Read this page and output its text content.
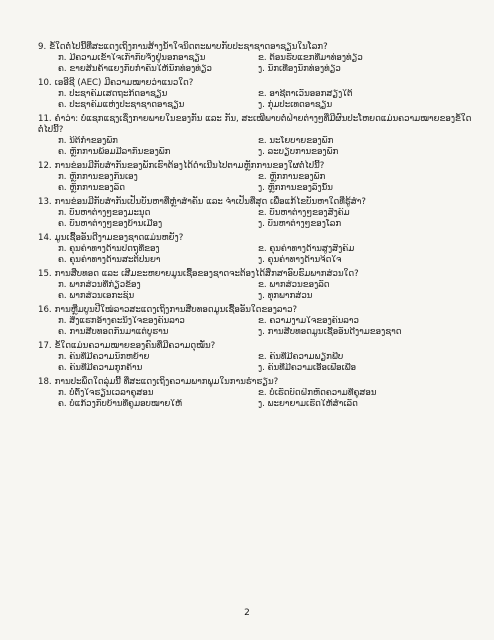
9. ຂໍ້ໃດຕໍ່ໄປນີ້ທີ່ສະແດງເຖິງການສ້າງນໍ້າໃຈນິດຕະພາບກັບປະຊາຊາດອາຊຽນໃນໂລກ?
ກ. ມີຄວາມເຂົ້າໃຈເກົ່າກັບຈຶ່ງຢູ່ນອກອາຊຽນ	ຂ. ຕ້ອນຮັບແຂກທີ່ມາທ່ອງທ່ຽວ
ຄ. ຂາຍສິນຄ້າແຍງກັບກຳຄັນໃຫ້ນັກທ່ອງທ່ຽວ	ງ. ນັກເທື່ອງນັກທ່ອງທ່ຽວ
10. ເອອີຊີ (AEC) ມີຄວາມໝາຍວ່າແນວໃດ?
ກ. ປະຊາຄົມເສດຖະກິດອາຊຽນ	ຂ. ອາຊີຕາເວັນອອກສຽງໃຕ້
ຄ. ປະຊາຄົມແຫ່ງປະຊາຊາດອາຊຽນ	ງ. ກຸ່ມປະເທດອາຊຽນ
11. ຄຳວ່າ: ບໍ່ແຊກແຊງເຊິ່ງກາຍພາຍໃນຂອງກັນ ແລະ ກັນ, ສະເໝີພາບຕໍ່ຝ່າຍຕ່າງໆທີ່ມີຜົນປະໂຫຍດແມ່ນຄວາມໝາຍຂອງຂໍ້ໃດຕໍ່ໄປນີ້?
ກ. ນິຕິກຳຂອງພັກ	ຂ. ນະໂຍບາຍຂອງພັກ
ຄ. ຫຼັກການພ້ອມມືລາກັນຂອງພັກ	ງ. ລະບຽບການຂອງພັກ
12. ການຂ່ອນມີກັບສຳກັນຂອງພັກເຮົາຕ້ອງໄດ້ດຳເນີນໄປຕາມຫຼັກການຂອງໃຜຕໍ່ໄປນີ້?
ກ. ຫຼັກການຂອງກັນເອງ	ຂ. ຫຼັກການຂອງພັກ
ຄ. ຫຼັກການຂອງລັດ	ງ. ຫຼັກການຂອງລັງນັ້ນ
13. ການຂ່ອນມີກັບສຳກັນເປັນບັນຫາທີ່ຫຼຳສຳຄັນ ແລະ ຈຳເປັນທີ່ສຸດ ເພື່ອແກ້ໄຂບັນຫາໃດທີ່ຮູ້ສໍາ?
ກ. ບັນຫາຕ່າງໆຂອງມະນຸດ	ຂ. ບັນຫາຕ່າງໆຂອງສັງຄົມ
ຄ. ບັນຫາຕ່າງໆຂອງບ້ານເມືອງ	ງ. ບັນຫາຕ່າງໆຂອງໂລກ
14. ມູນເຊື້ອອັນດີງາມຂອງຊາດແມ່ນຫຍັງ?
ກ. ຄຸນຄ່າທາງດ້ານປັດຖຸທີ່ຂອງ	ຂ. ຄຸນຄ່າທາງດ້ານສູງສັງຄົມ
ຄ. ຄຸນຄ່າທາງດ້ານສະຕິປັນຍາ	ງ. ຄຸນຄ່າທາງດ້ານຈິດໃຈ
15. ການສືບທອດ ແລະ ເສີມຂະຫຍາຍມູນເຊື້ອຂອງຊາດຈະຕ້ອງໄດ້ສຶກສາອົບຮົມພາກສ່ວນໃດ?
ກ. ພາກສ່ວນທີ່ກ່ຽວຂ້ອງ	ຂ. ພາກສ່ວນຂອງລັດ
ຄ. ພາກສ່ວນເອກະຊົນ	ງ. ທຸກພາກສ່ວນ
16. ການຫຼີ່ມບູນປີໃໝ່ລາວສະແດງເຖິງການສືບທອດມູນເຊື້ອອັນໃດຂອງລາວ?
ກ. ສິ່ງແຮກອ້າງຄະນຶງໃຈຂອງຄົນລາວ	ຂ. ຄວາມງາມໃຈຂອງຄົນລາວ
ຄ. ການສືບທອດກັນມາແຕ່ບູຮານ	ງ. ການສືບທອດມູນເຊື້ອອັນດີງາມຂອງຊາດ
17. ຂໍ້ໃດແມ່ນຄວາມໝາຍຂອງຄົນທີ່ມີຄວາມດຸໝັ່ນ?
ກ. ຄົນທີ່ມີຄວາມນັກຫຍ້າຍ	ຂ. ຄົນທີ່ມີຄວາມພຽກພືບ
ຄ. ຄົນທີ່ມີຄວາມກູກຄ້ານ	ງ. ຄົນທີ່ມີຄວາມເອື້ອເຟື້ອເພື່ອ
18. ການປະພຶດໃດລຸ່ມນີ້ ທີ່ສະແດງເຖິງຄວາມພາກພູມໃນການຮຳຮຽນ?
ກ. ບໍ່ຕັ້ງໃຈຮຽນເວລາຄູສອນ	ຂ. ບໍ່ເຮັດບົດຝຶກຫັດຄວາມທີ່ຄູສອນ
ຄ. ບໍ່ແກ້ວງກັບບ້ານທີ່ຄູມອບໝາຍໃຫ້	ງ. ພະຍາຍາມເຮັດໃຫ້ສຳເລັດ
2
